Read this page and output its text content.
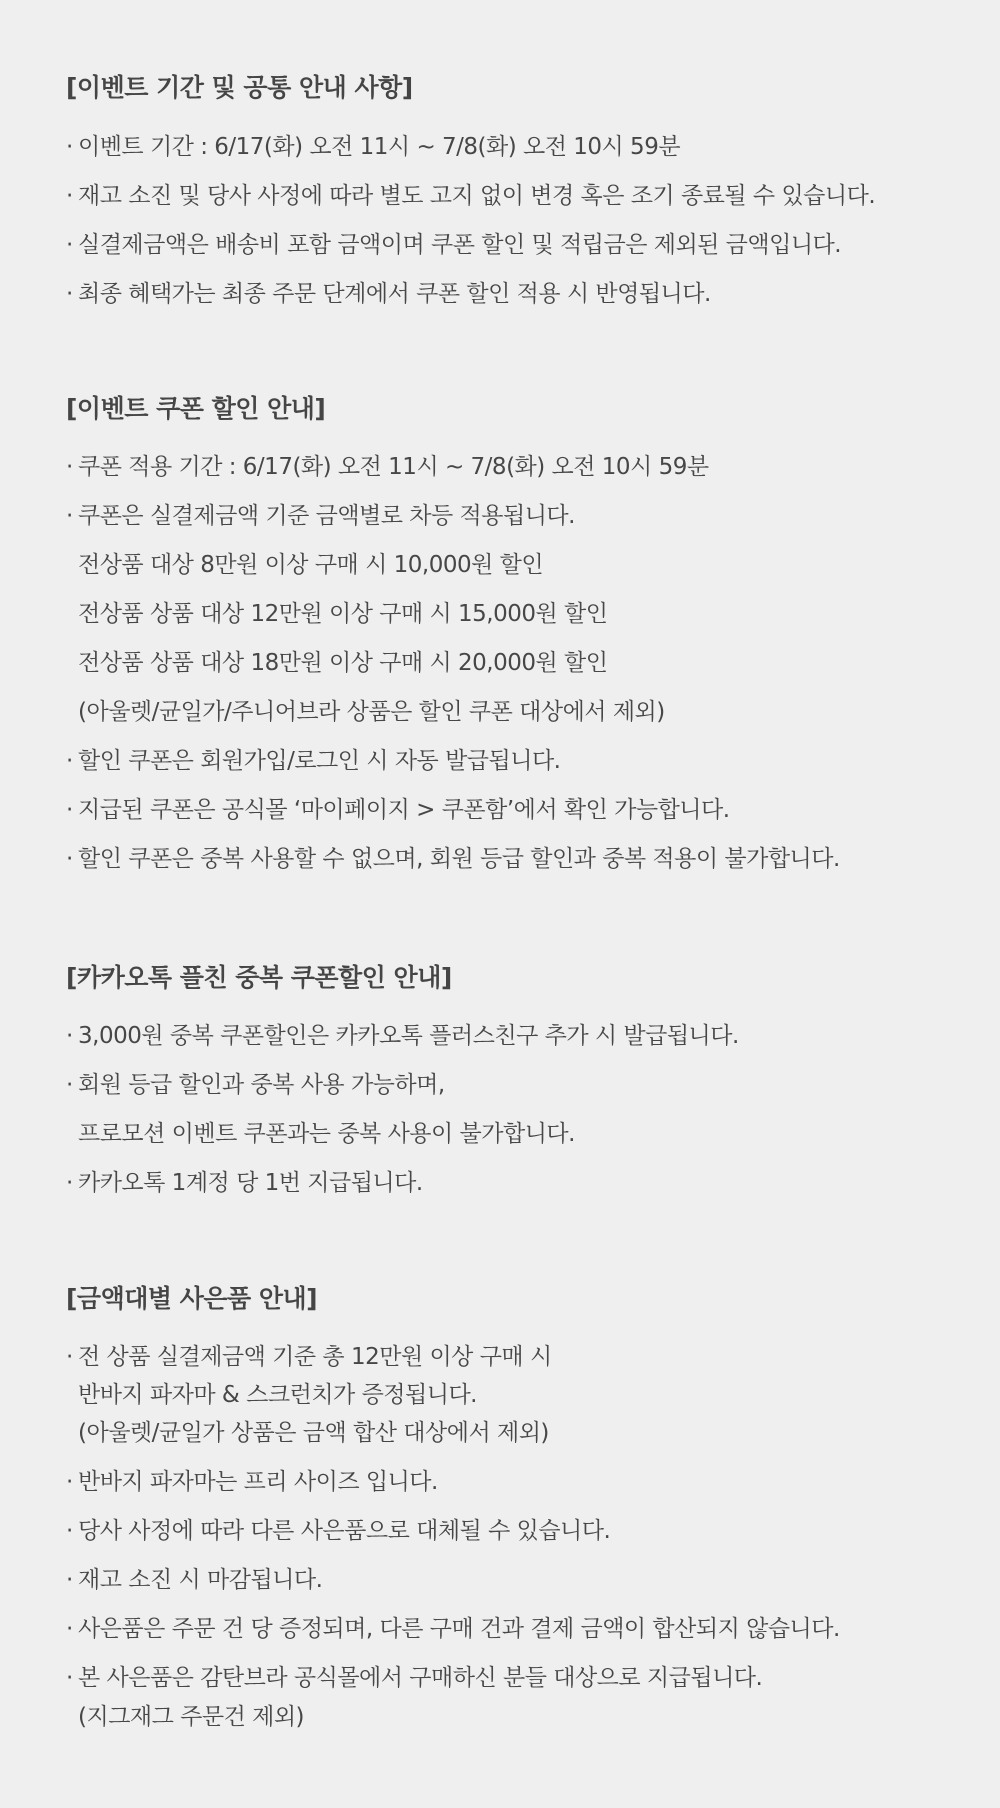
[이벤트 기간 및 공통 안내 사항]
· 이벤트 기간 : 6/17(화) 오전 11시 ~ 7/8(화) 오전 10시 59분
· 재고 소진 및 당사 사정에 따라 별도 고지 없이 변경 혹은 조기 종료될 수 있습니다.
· 실결제금액은 배송비 포함 금액이며 쿠폰 할인 및 적립금은 제외된 금액입니다.
· 최종 혜택가는 최종 주문 단계에서 쿠폰 할인 적용 시 반영됩니다.
[이벤트 쿠폰 할인 안내]
· 쿠폰 적용 기간 : 6/17(화) 오전 11시 ~ 7/8(화) 오전 10시 59분
· 쿠폰은 실결제금액 기준 금액별로 차등 적용됩니다.
전상품 대상 8만원 이상 구매 시 10,000원 할인
전상품 상품 대상 12만원 이상 구매 시 15,000원 할인
전상품 상품 대상 18만원 이상 구매 시 20,000원 할인
(아울렛/균일가/주니어브라 상품은 할인 쿠폰 대상에서 제외)
· 할인 쿠폰은 회원가입/로그인 시 자동 발급됩니다.
· 지급된 쿠폰은 공식몰 ‘마이페이지 > 쿠폰함’에서 확인 가능합니다.
· 할인 쿠폰은 중복 사용할 수 없으며, 회원 등급 할인과 중복 적용이 불가합니다.
[카카오톡 플친 중복 쿠폰할인 안내]
· 3,000원 중복 쿠폰할인은 카카오톡 플러스친구 추가 시 발급됩니다.
· 회원 등급 할인과 중복 사용 가능하며,
프로모션 이벤트 쿠폰과는 중복 사용이 불가합니다.
· 카카오톡 1계정 당 1번 지급됩니다.
[금액대별 사은품 안내]
· 전 상품 실결제금액 기준 총 12만원 이상 구매 시
반바지 파자마 & 스크런치가 증정됩니다.
(아울렛/균일가 상품은 금액 합산 대상에서 제외)
· 반바지 파자마는 프리 사이즈 입니다.
· 당사 사정에 따라 다른 사은품으로 대체될 수 있습니다.
· 재고 소진 시 마감됩니다.
· 사은품은 주문 건 당 증정되며, 다른 구매 건과 결제 금액이 합산되지 않습니다.
· 본 사은품은 감탄브라 공식몰에서 구매하신 분들 대상으로 지급됩니다.
(지그재그 주문건 제외)
